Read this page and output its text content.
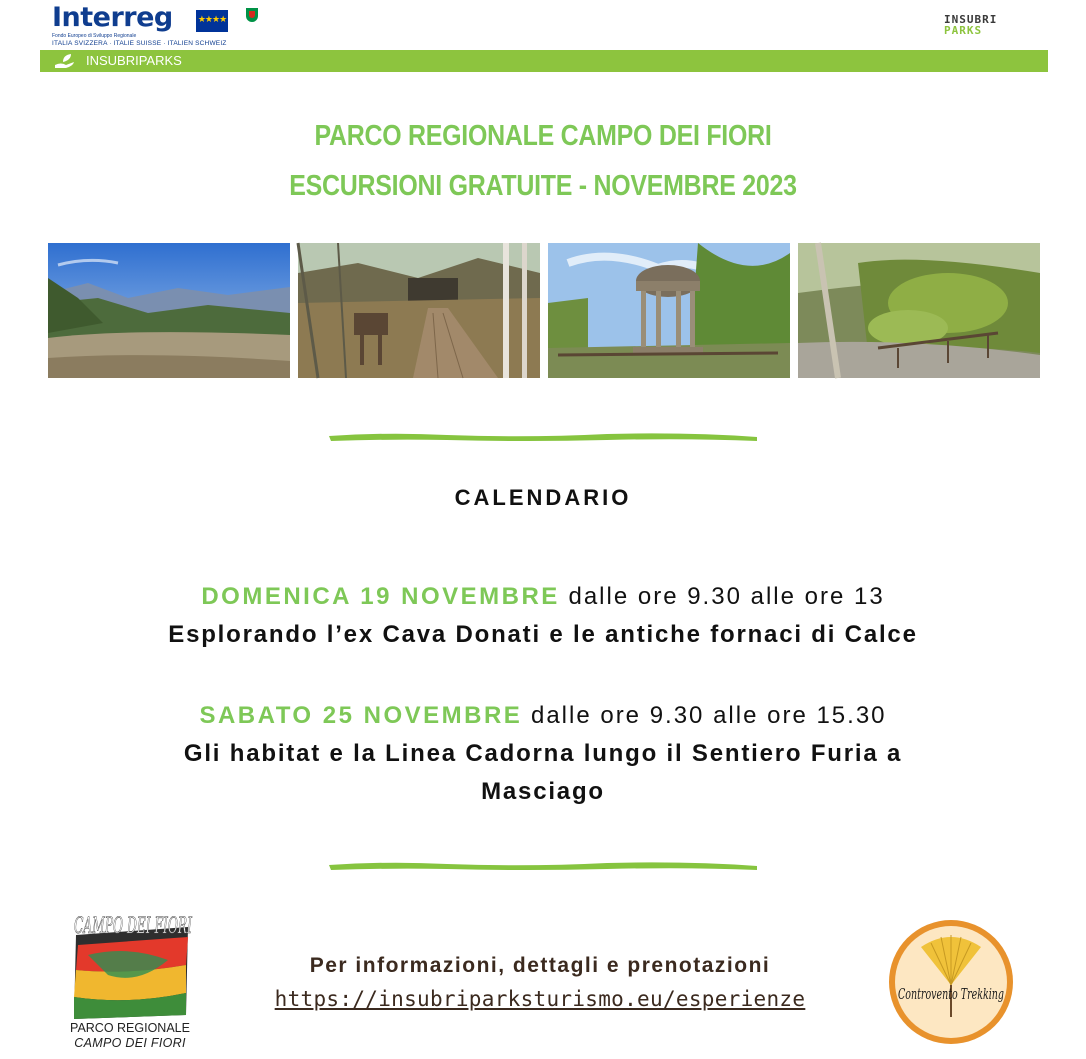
Interreg	★★★★
Fondo Europeo di Sviluppo Regionale
ITALIA SVIZZERA · ITALIE SUISSE · ITALIEN SCHWEIZ
INSUBRI
PARKS
INSUBRIPARKS
PARCO REGIONALE CAMPO DEI FIORI
ESCURSIONI GRATUITE - NOVEMBRE 2023
CALENDARIO
DOMENICA 19 NOVEMBRE dalle ore 9.30 alle ore 13
Esplorando l’ex Cava Donati e le antiche fornaci di Calce
SABATO 25 NOVEMBRE dalle ore 9.30 alle ore 15.30
Gli habitat e la Linea Cadorna lungo il Sentiero Furia a
Masciago
CAMPO DEI FIORI
PARCO REGIONALE
CAMPO DEI FIORI
Per informazioni, dettagli e prenotazioni
https://insubriparksturismo.eu/esperienze	Controvento Trekking
